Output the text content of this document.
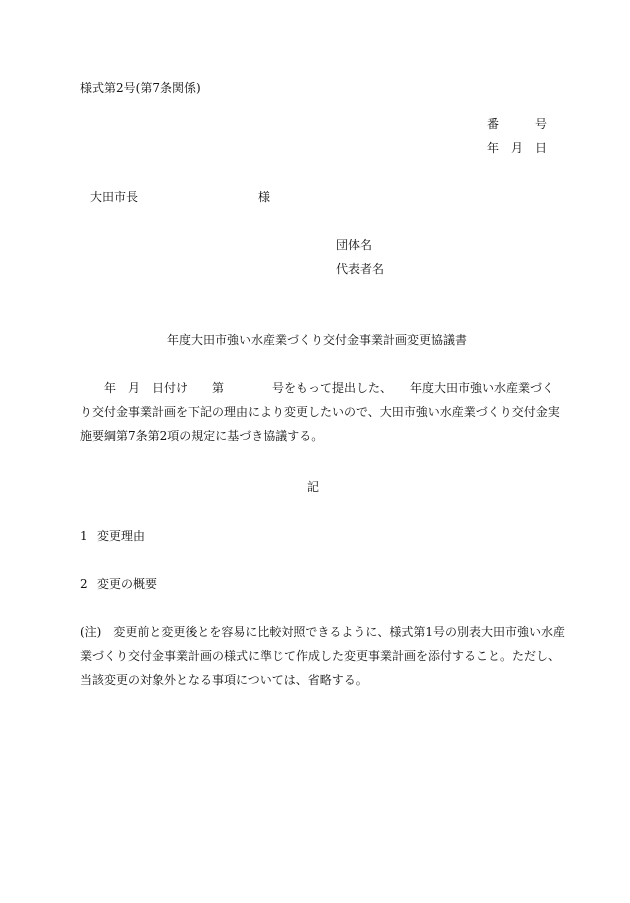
様式第2号(第7条関係)
番　　　号
年　月　日
大田市長　　　　　　　　　　様
団体名
代表者名
年度大田市強い水産業づくり交付金事業計画変更協議書
年　月　日付け　　第　　　　号をもって提出した、　　年度大田市強い水産業づく
り交付金事業計画を下記の理由により変更したいので、大田市強い水産業づくり交付金実
施要綱第7条第2項の規定に基づき協議する。
記
1 変更理由
2 変更の概要
(注)　変更前と変更後とを容易に比較対照できるように、様式第1号の別表大田市強い水産
業づくり交付金事業計画の様式に準じて作成した変更事業計画を添付すること。ただし、
当該変更の対象外となる事項については、省略する。
